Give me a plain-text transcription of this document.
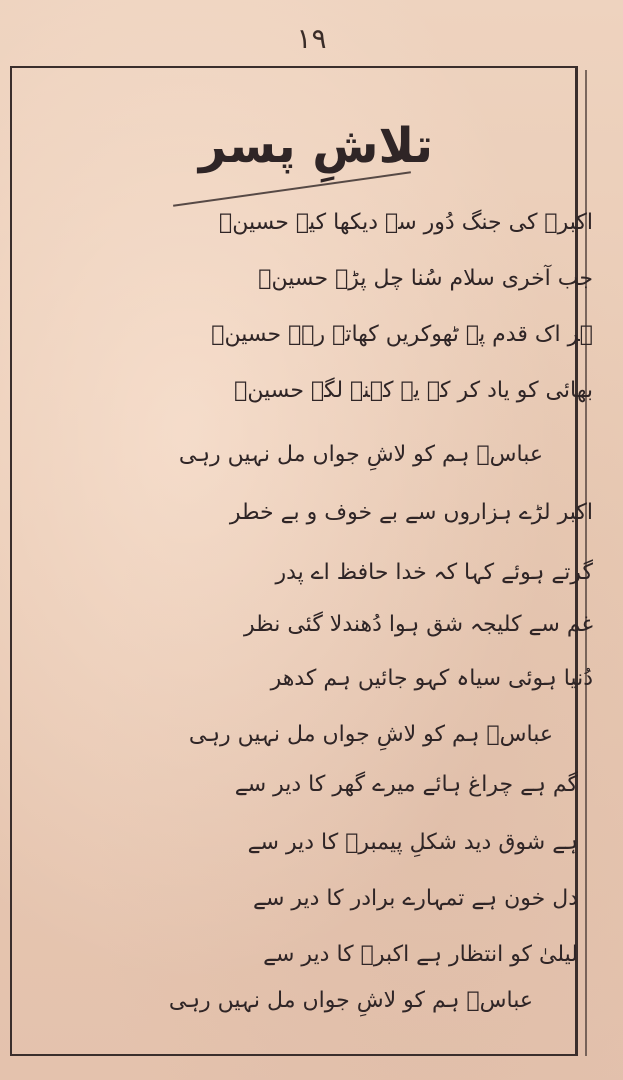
۱۹
تلاشِ پسر
اکبرؑ کی جنگ دُور سے دیکھا کیے حسینؑ
جب آخری سلام سُنا چل پڑے حسینؑ
ہر اک قدم پہ ٹھوکریں کھاتے رہے حسینؑ
بھائی کو یاد کر کے یہ کہنے لگے حسینؑ
عباسؑ ہم کو لاشِ جواں مل نہیں رہی
اکبر لڑے ہزاروں سے بے خوف و بے خطر
گرتے ہوئے کہا کہ خدا حافظ اے پدر
غم سے کلیجہ شق ہوا دُھندلا گئی نظر
دُنیا ہوئی سیاہ کہو جائیں ہم کدھر
عباسؑ ہم کو لاشِ جواں مل نہیں رہی
گم ہے چراغ ہائے میرے گھر کا دیر سے
ہے شوق دید شکلِ پیمبرؐ کا دیر سے
دل خون ہے تمہارے برادر کا دیر سے
لیلیٰ کو انتظار ہے اکبرؑ کا دیر سے
عباسؑ ہم کو لاشِ جواں مل نہیں رہی
